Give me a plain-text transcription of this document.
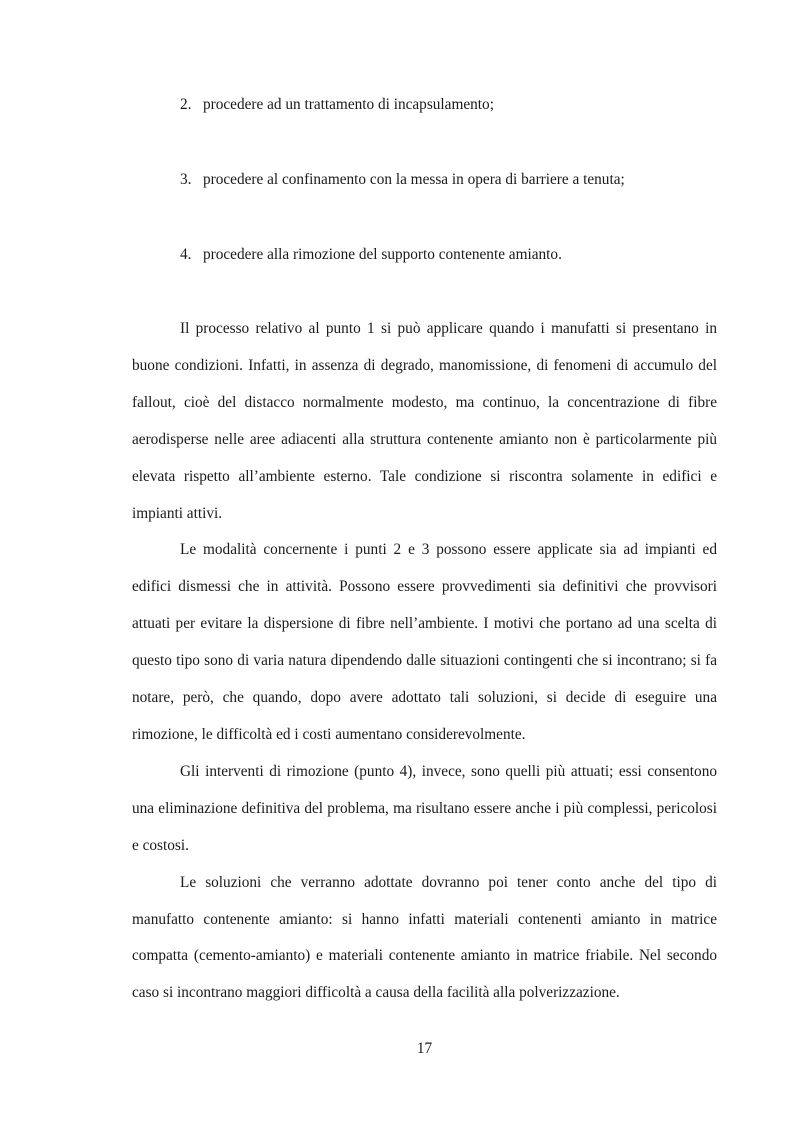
2. procedere ad un trattamento di incapsulamento;
3. procedere al confinamento con la messa in opera di barriere a tenuta;
4. procedere alla rimozione del supporto contenente amianto.

Il processo relativo al punto 1 si può applicare quando i manufatti si presentano in buone condizioni. Infatti, in assenza di degrado, manomissione, di fenomeni di accumulo del fallout, cioè del distacco normalmente modesto, ma continuo, la concentrazione di fibre aerodisperse nelle aree adiacenti alla struttura contenente amianto non è particolarmente più elevata rispetto all’ambiente esterno. Tale condizione si riscontra solamente in edifici e impianti attivi.

Le modalità concernente i punti 2 e 3 possono essere applicate sia ad impianti ed edifici dismessi che in attività. Possono essere provvedimenti sia definitivi che provvisori attuati per evitare la dispersione di fibre nell’ambiente. I motivi che portano ad una scelta di questo tipo sono di varia natura dipendendo dalle situazioni contingenti che si incontrano; si fa notare, però, che quando, dopo avere adottato tali soluzioni, si decide di eseguire una rimozione, le difficoltà ed i costi aumentano considerevolmente.

Gli interventi di rimozione (punto 4), invece, sono quelli più attuati; essi consentono una eliminazione definitiva del problema, ma risultano essere anche i più complessi, pericolosi e costosi.

Le soluzioni che verranno adottate dovranno poi tener conto anche del tipo di manufatto contenente amianto: si hanno infatti materiali contenenti amianto in matrice compatta (cemento-amianto) e materiali contenente amianto in matrice friabile. Nel secondo caso si incontrano maggiori difficoltà a causa della facilità alla polverizzazione.

17
